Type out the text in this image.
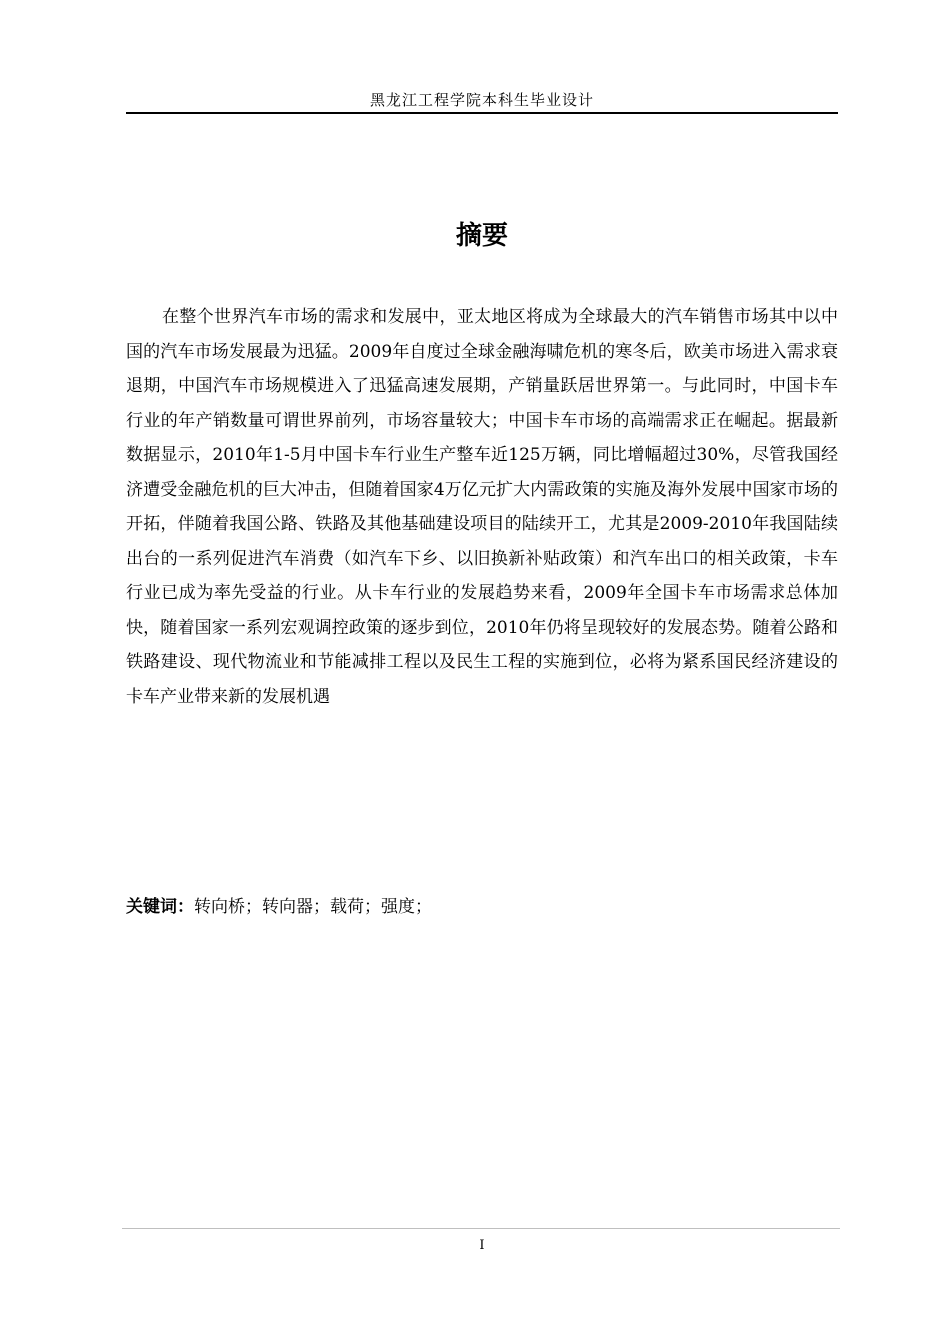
黑龙江工程学院本科生毕业设计
摘要

在整个世界汽车市场的需求和发展中，亚太地区将成为全球最大的汽车销售市场其中以中国的汽车市场发展最为迅猛。2009年自度过全球金融海啸危机的寒冬后，欧美市场进入需求衰退期，中国汽车市场规模进入了迅猛高速发展期，产销量跃居世界第一。与此同时，中国卡车行业的年产销数量可谓世界前列，市场容量较大；中国卡车市场的高端需求正在崛起。据最新数据显示，2010年1-5月中国卡车行业生产整车近125万辆，同比增幅超过30%，尽管我国经济遭受金融危机的巨大冲击，但随着国家4万亿元扩大内需政策的实施及海外发展中国家市场的开拓，伴随着我国公路、铁路及其他基础建设项目的陆续开工，尤其是2009-2010年我国陆续出台的一系列促进汽车消费（如汽车下乡、以旧换新补贴政策）和汽车出口的相关政策，卡车行业已成为率先受益的行业。从卡车行业的发展趋势来看，2009年全国卡车市场需求总体加快，随着国家一系列宏观调控政策的逐步到位，2010年仍将呈现较好的发展态势。随着公路和铁路建设、现代物流业和节能减排工程以及民生工程的实施到位，必将为紧系国民经济建设的卡车产业带来新的发展机遇

关键词：转向桥；转向器；载荷；强度；
I
